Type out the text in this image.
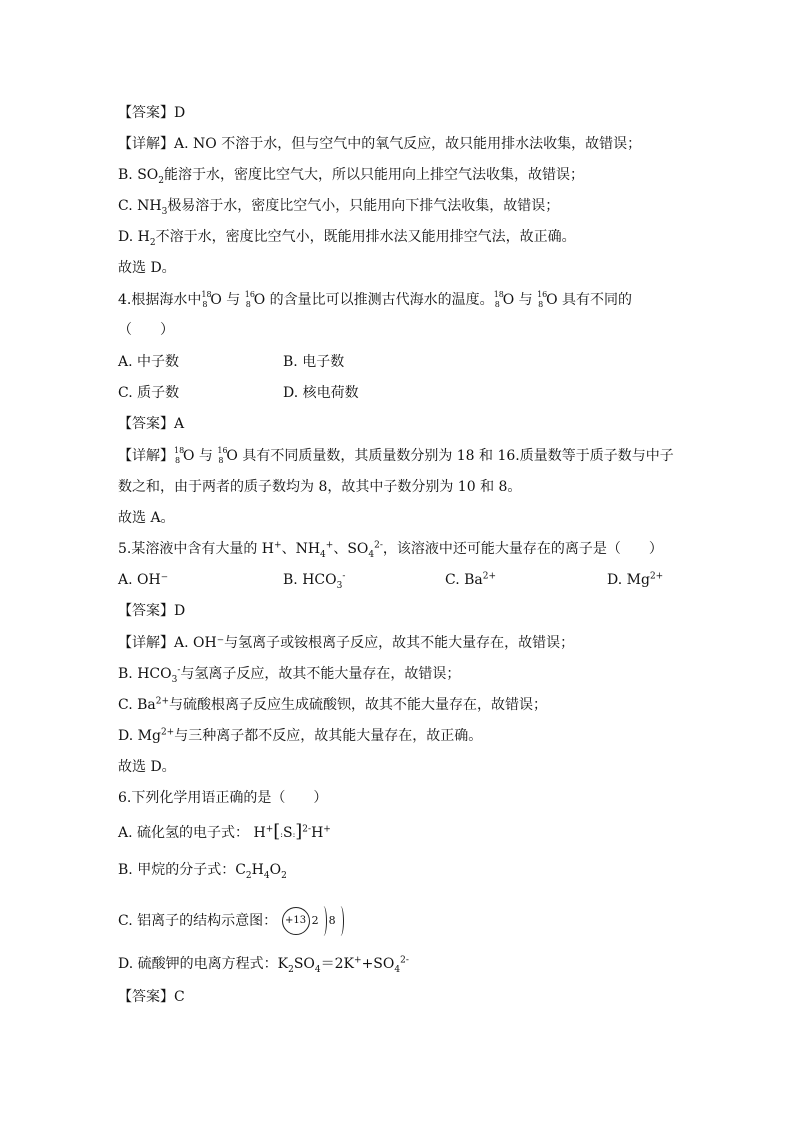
【答案】D
【详解】A. NO 不溶于水，但与空气中的氧气反应，故只能用排水法收集，故错误；
B. $SO_2$能溶于水，密度比空气大，所以只能用向上排空气法收集，故错误；
C. $NH_3$极易溶于水，密度比空气小，只能用向下排气法收集，故错误；
D. $H_2$不溶于水，密度比空气小，既能用排水法又能用排空气法，故正确。
故选 D。
4.根据海水中 18
8 O 与 16
8 O 的含量比可以推测古代海水的温度。 18
8 O 与 16
8 O 具有不同的
（　　）
A. 中子数	B. 电子数
C. 质子数	D. 核电荷数
【答案】A
【详解】 18
8 O 与 16
8 O 具有不同质量数，其质量数分别为 18 和 16.质量数等于质子数与中子
数之和，由于两者的质子数均为 8，故其中子数分别为 10 和 8。
故选 A。
5.某溶液中含有大量的 H+、$NH_4^+$、$SO_4^{2-}$，该溶液中还可能大量存在的离子是（　　）
A. OH⁻	B. $HCO_3^-$	C. $Ba^{2+}$	D. $Mg^{2+}$
【答案】D
【详解】A. OH⁻与氢离子或铵根离子反应，故其不能大量存在，故错误；
B. $HCO_3^-$与氢离子反应，故其不能大量存在，故错误；
C. $Ba^{2+}$与硫酸根离子反应生成硫酸钡，故其不能大量存在，故错误；
D. $Mg^{2+}$与三种离子都不反应，故其能大量存在，故正确。
故选 D。
6.下列化学用语正确的是（　　）
A. 硫化氢的电子式： H+[:S:]$^{2-}$H+
B. 甲烷的分子式：$C_2H_4O_2$
C. 铝离子的结构示意图： +13 2 8
D. 硫酸钾的电离方程式：$K_2SO_4=2K^++SO_4^{2-}$
【答案】C
